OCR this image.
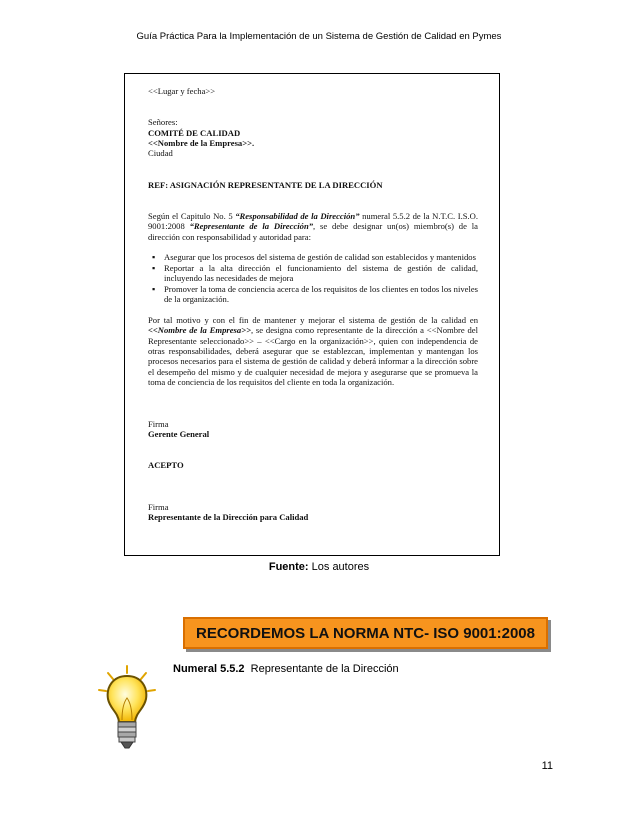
Guía Práctica Para la Implementación de un Sistema de Gestión de Calidad en Pymes

<<Lugar y fecha>>

Señores:

COMITÉ DE CALIDAD

<<Nombre de la Empresa>>.

Ciudad

REF: ASIGNACIÓN REPRESENTANTE DE LA DIRECCIÓN

Según el Capitulo No. 5 “Responsabilidad de la Dirección” numeral 5.5.2 de la N.T.C. I.S.O. 9001:2008 “Representante de la Dirección”, se debe designar un(os) miembro(s) de la dirección con responsabilidad y autoridad para:

▪ Asegurar que los procesos del sistema de gestión de calidad son establecidos y mantenidos
▪ Reportar a la alta dirección el funcionamiento del sistema de gestión de calidad, incluyendo las necesidades de mejora
▪ Promover la toma de conciencia acerca de los requisitos de los clientes en todos los niveles de la organización.

Por tal motivo y con el fin de mantener y mejorar el sistema de gestión de la calidad en <<Nombre de la Empresa>>, se designa como representante de la dirección a <<Nombre del Representante seleccionado>> – <<Cargo en la organización>>, quien con independencia de otras responsabilidades, deberá asegurar que se establezcan, implementan y mantengan los procesos necesarios para el sistema de gestión de calidad y deberá informar a la dirección sobre el desempeño del mismo y de cualquier necesidad de mejora y asegurarse que se promueva la toma de conciencia de los requisitos del cliente en toda la organización.

Firma

Gerente General

ACEPTO

Firma

Representante de la Dirección para Calidad

Fuente: Los autores
RECORDEMOS LA NORMA NTC- ISO 9001:2008
Numeral 5.5.2  Representante de la Dirección
11
